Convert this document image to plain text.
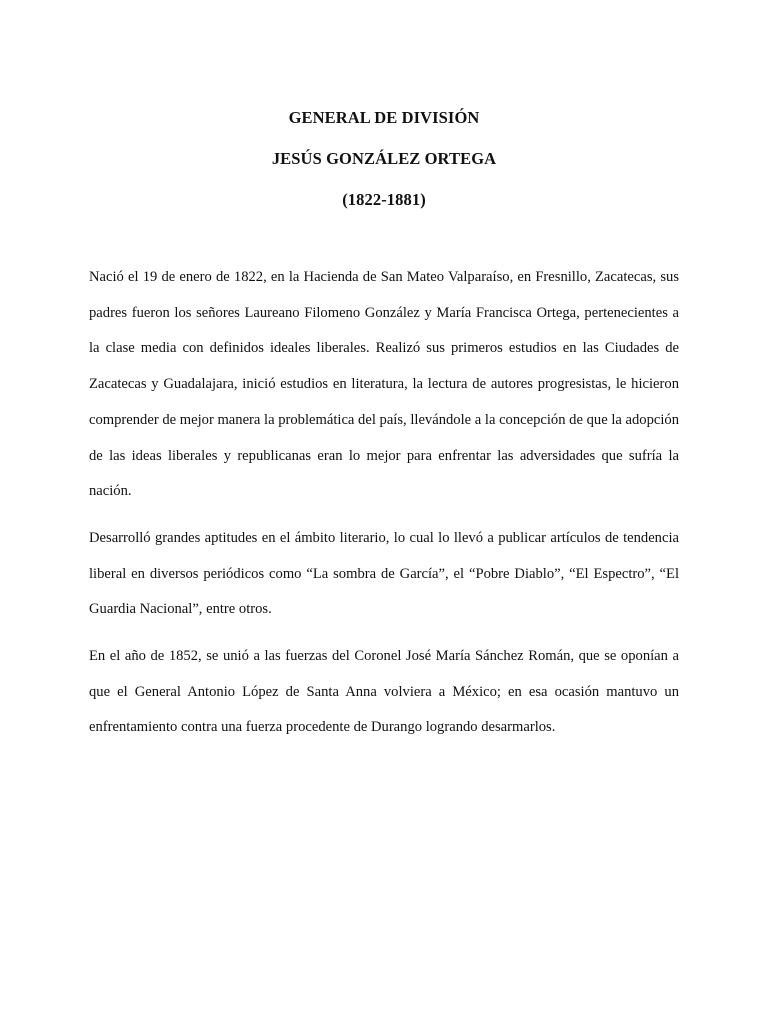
GENERAL DE DIVISIÓN
JESÚS GONZÁLEZ ORTEGA
(1822-1881)

Nació el 19 de enero de 1822, en la Hacienda de San Mateo Valparaíso, en Fresnillo, Zacatecas, sus padres fueron los señores Laureano Filomeno González y María Francisca Ortega, pertenecientes a la clase media con definidos ideales liberales. Realizó sus primeros estudios en las Ciudades de Zacatecas y Guadalajara, inició estudios en literatura, la lectura de autores progresistas, le hicieron comprender de mejor manera la problemática del país, llevándole a la concepción de que la adopción de las ideas liberales y republicanas eran lo mejor para enfrentar las adversidades que sufría la nación.

Desarrolló grandes aptitudes en el ámbito literario, lo cual lo llevó a publicar artículos de tendencia liberal en diversos periódicos como “La sombra de García”, el “Pobre Diablo”, “El Espectro”, “El Guardia Nacional”, entre otros.

En el año de 1852, se unió a las fuerzas del Coronel José María Sánchez Román, que se oponían a que el General Antonio López de Santa Anna volviera a México; en esa ocasión mantuvo un enfrentamiento contra una fuerza procedente de Durango logrando desarmarlos.
